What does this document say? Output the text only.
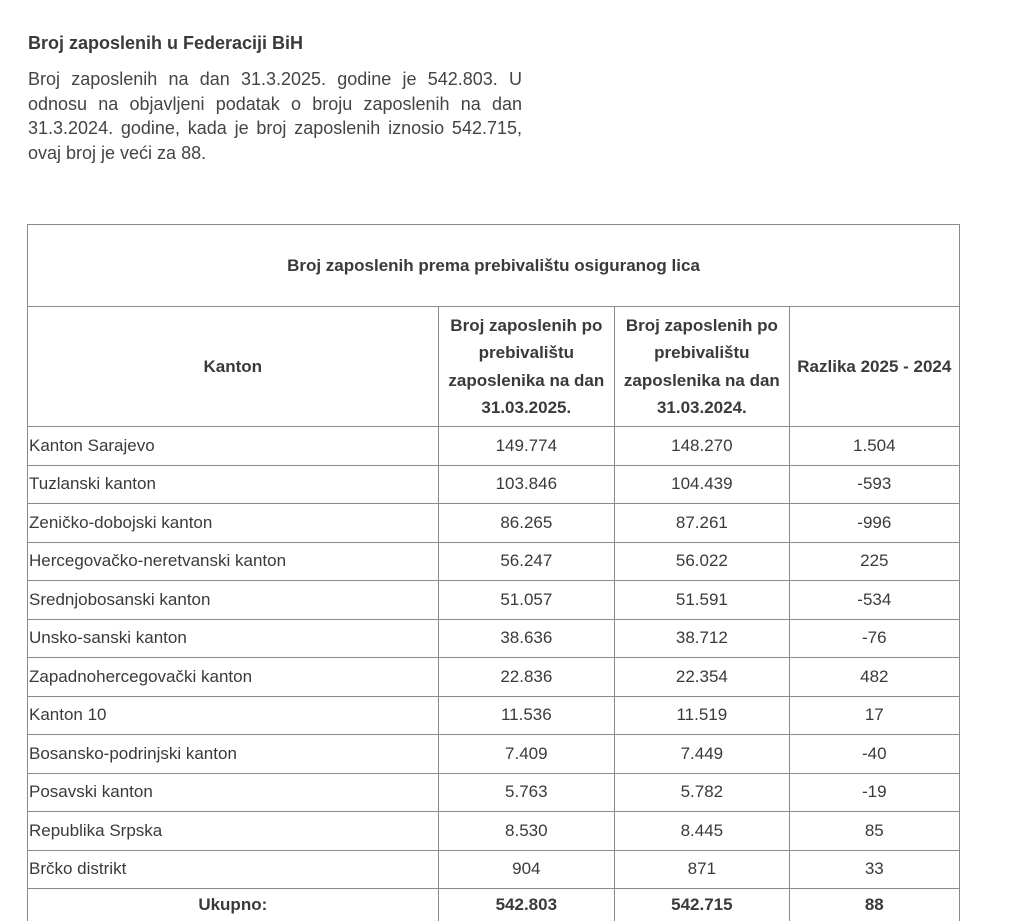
Broj zaposlenih u Federaciji BiH

Broj zaposlenih na dan 31.3.2025. godine je 542.803. U odnosu na objavljeni podatak o broju zaposlenih na dan 31.3.2024. godine, kada je broj zaposlenih iznosio 542.715, ovaj broj je veći za 88.

Broj zaposlenih prema prebivalištu osiguranog lica			
Kanton	Broj zaposlenih po prebivalištu zaposlenika na dan 31.03.2025.	Broj zaposlenih po prebivalištu zaposlenika na dan 31.03.2024.	Razlika 2025 - 2024
Kanton Sarajevo	149.774	148.270	1.504
Tuzlanski kanton	103.846	104.439	-593
Zeničko-dobojski kanton	86.265	87.261	-996
Hercegovačko-neretvanski kanton	56.247	56.022	225
Srednjobosanski kanton	51.057	51.591	-534
Unsko-sanski kanton	38.636	38.712	-76
Zapadnohercegovački kanton	22.836	22.354	482
Kanton 10	11.536	11.519	17
Bosansko-podrinjski kanton	7.409	7.449	-40
Posavski kanton	5.763	5.782	-19
Republika Srpska	8.530	8.445	85
Brčko distrikt	904	871	33
Ukupno:	542.803	542.715	88
